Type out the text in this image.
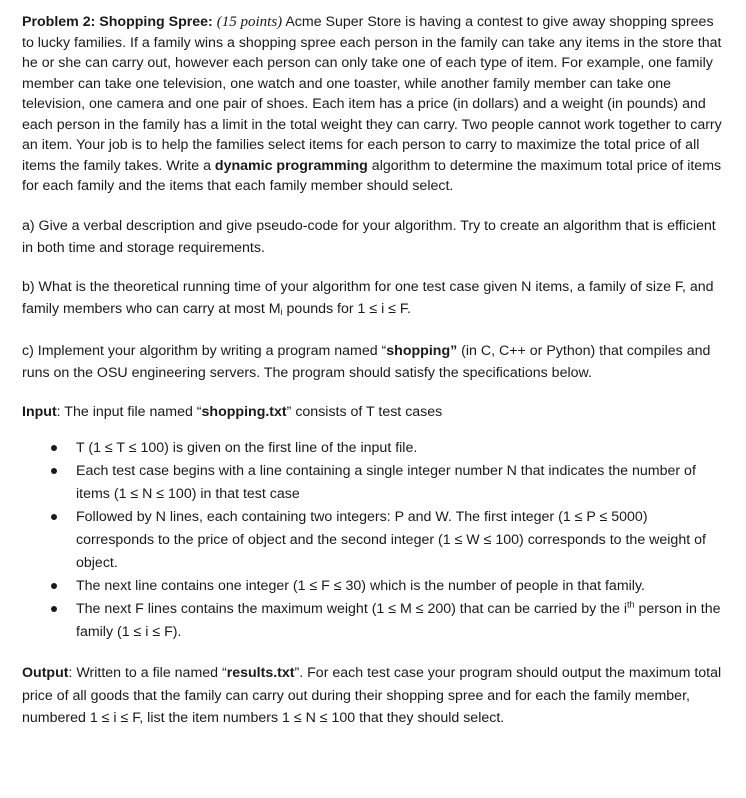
Problem 2: Shopping Spree: (15 points) Acme Super Store is having a contest to give away shopping sprees to lucky families. If a family wins a shopping spree each person in the family can take any items in the store that he or she can carry out, however each person can only take one of each type of item. For example, one family member can take one television, one watch and one toaster, while another family member can take one television, one camera and one pair of shoes. Each item has a price (in dollars) and a weight (in pounds) and each person in the family has a limit in the total weight they can carry. Two people cannot work together to carry an item. Your job is to help the families select items for each person to carry to maximize the total price of all items the family takes. Write a dynamic programming algorithm to determine the maximum total price of items for each family and the items that each family member should select.

a) Give a verbal description and give pseudo-code for your algorithm. Try to create an algorithm that is efficient in both time and storage requirements.

b) What is the theoretical running time of your algorithm for one test case given N items, a family of size F, and family members who can carry at most $M_i$ pounds for 1 ≤ i ≤ F.

c) Implement your algorithm by writing a program named “shopping” (in C, C++ or Python) that compiles and runs on the OSU engineering servers. The program should satisfy the specifications below.

Input: The input file named “shopping.txt” consists of T test cases

T (1 ≤ T ≤ 100) is given on the first line of the input file.
Each test case begins with a line containing a single integer number N that indicates the number of items (1 ≤ N ≤ 100) in that test case
Followed by N lines, each containing two integers: P and W. The first integer (1 ≤ P ≤ 5000) corresponds to the price of object and the second integer (1 ≤ W ≤ 100) corresponds to the weight of object.
The next line contains one integer (1 ≤ F ≤ 30) which is the number of people in that family.
The next F lines contains the maximum weight (1 ≤ M ≤ 200) that can be carried by the $i^{th}$ person in the family (1 ≤ i ≤ F).

Output: Written to a file named “results.txt”. For each test case your program should output the maximum total price of all goods that the family can carry out during their shopping spree and for each the family member, numbered 1 ≤ i ≤ F, list the item numbers 1 ≤ N ≤ 100 that they should select.
